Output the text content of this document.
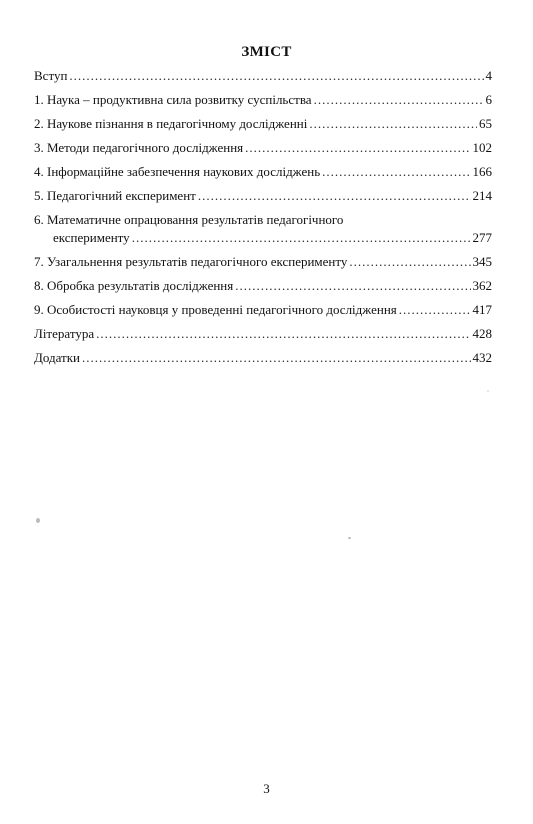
ЗМІСТ
Вступ .....	4
1. Наука – продуктивна сила розвитку суспільства .....	6
2. Наукове пізнання в педагогічному дослідженні .....	65
3. Методи педагогічного дослідження .....	102
4. Інформаційне забезпечення наукових досліджень .....	166
5. Педагогічний експеримент .....	214
6. Математичне опрацювання результатів педагогічного
експерименту .....	277
7. Узагальнення результатів педагогічного експерименту .....	345
8. Обробка результатів дослідження .....	362
9. Особистості науковця у проведенні педагогічного дослідження .....	417
Література .....	428
Додатки .....	432
3
